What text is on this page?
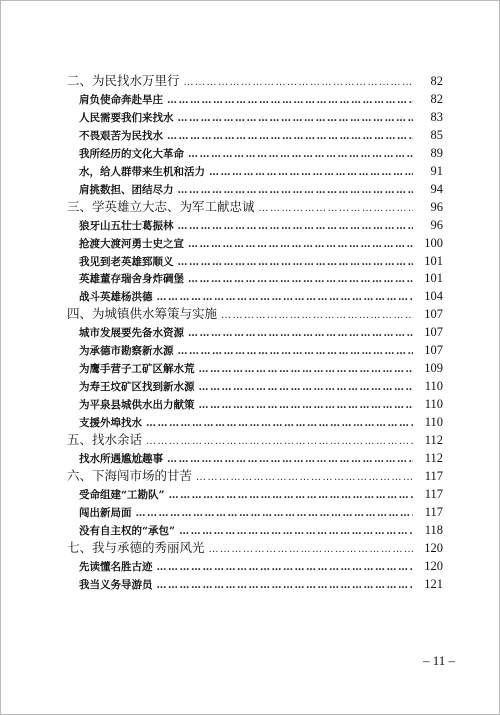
二、为民找水万里行 ………………………………………………………………………………………………………………………………………………	82
肩负使命奔赴旱庄 ………………………………………………………………………………………………………………………………………………	82
人民需要我们来找水 ………………………………………………………………………………………………………………………………………………	83
不畏艰苦为民找水 ………………………………………………………………………………………………………………………………………………	85
我所经历的文化大革命 ………………………………………………………………………………………………………………………………………………	89
水，给人群带来生机和活力 ………………………………………………………………………………………………………………………………………………	91
肩挑数担、团结尽力 ………………………………………………………………………………………………………………………………………………	94
三、学英雄立大志、为军工献忠诚 ………………………………………………………………………………………………………………………………………………	96
狼牙山五壮士葛振林 ………………………………………………………………………………………………………………………………………………	96
抢渡大渡河勇士史之宣 ………………………………………………………………………………………………………………………………………………	100
我见到老英雄郅顺义 ………………………………………………………………………………………………………………………………………………	101
英雄董存瑞舍身炸碉堡 ………………………………………………………………………………………………………………………………………………	101
战斗英雄杨洪德 ………………………………………………………………………………………………………………………………………………	104
四、为城镇供水筹策与实施 ………………………………………………………………………………………………………………………………………………	107
城市发展要先备水资源 ………………………………………………………………………………………………………………………………………………	107
为承德市勘察新水源 ………………………………………………………………………………………………………………………………………………	107
为鹰手营子工矿区解水荒 ………………………………………………………………………………………………………………………………………………	109
为寿王坟矿区找到新水源 ………………………………………………………………………………………………………………………………………………	110
为平泉县城供水出力献策 ………………………………………………………………………………………………………………………………………………	110
支援外埠找水 ………………………………………………………………………………………………………………………………………………	110
五、找水余话 ………………………………………………………………………………………………………………………………………………	112
找水所遇尴尬趣事 ………………………………………………………………………………………………………………………………………………	112
六、下海闯市场的甘苦 ………………………………………………………………………………………………………………………………………………	117
受命组建“工勘队” ………………………………………………………………………………………………………………………………………………	117
闯出新局面 ………………………………………………………………………………………………………………………………………………	117
没有自主权的“承包” ………………………………………………………………………………………………………………………………………………	118
七、我与承德的秀丽风光 ………………………………………………………………………………………………………………………………………………	120
先读懂名胜古迹 ………………………………………………………………………………………………………………………………………………	120
我当义务导游员 ………………………………………………………………………………………………………………………………………………	121
– 11 –
